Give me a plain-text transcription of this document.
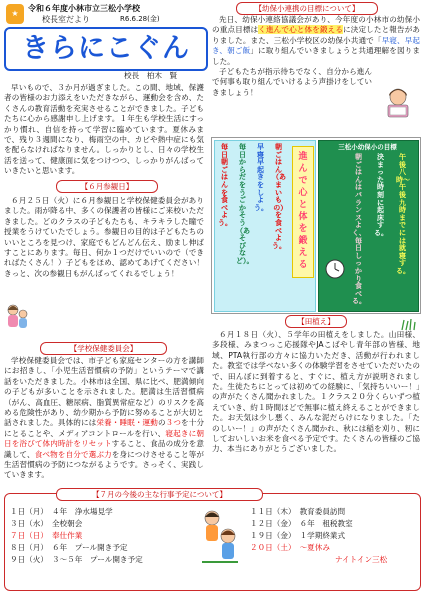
★
令和６年度小林市立三松小学校
校長室だより	R6.6.28(金)
きらにこぐん
校長　柏木　賢

早いもので、３か月が過ぎました。この間、地域、保護者の皆様のお力添えをいただきながら、運動会を含め、たくさんの教育活動を充実させることができました。子どもたちに心から感謝申し上げます。１年生も学校生活にすっかり慣れ、自信を持って学習に臨めています。夏休みまで、残り３週間になり、梅雨空の中、カビや熱中症にも気を配らなければなりません。しっかりとし、日々の学校生活を送って、健康面に気をつけつつ、しっかりがんばっていきたいと思います。

【６月参観日】

６月２５日（火）に６月参観日と学校保健委員会がありました。雨が降る中、多くの保護者の皆様にご来校いただきました。どのクラスの子どもたちも、キラキラした瞳で授業をうけていたでしょう。参観日の目的は子どもたちのいいところを見つけ、家庭でもどんどん伝え、励まし伸ばすことにあります。毎日、何か１つだけでいいので（できればたくさん！）子どもをほめ、認めてあげてください！きっと、次の参観日もがんばってくれるでしょう！

【学校保健委員会】

学校保健委員会では、市子ども家庭センターの方を講師にお招きし、「小児生活習慣病の予防」というテーマで講話をいただきました。小林市は全国、県に比べ、肥満傾向の子どもが多いことを示されました。肥満は生活習慣病（がん、高血圧、糖尿病、脂質異常症など）のリスクを高める危険性があり、幼少期から予防に努めることが大切と話されました。具体的には栄養・睡眠・運動の３つを十分にとることや、メディアコントロールを行い、寝起きに朝日を浴びて体内時計をリセットすること、食品の成分を意識して、食べ物を自分で選ぶ力を身につけさせること等が生活習慣病の予防につながるようです。さっそく、実践していきます。

【幼保小連携の目標について】

先日、幼保小連絡協議会があり、今年度の小林市の幼保小の重点目標はく進んで心と体を鍛えるに決定したと報告がありました。また、三松小学校区の幼保小共通で「早寝、早起き、朝ご飯」に取り組んでいきましょうと共通理解を図りました。

子どもたちが指示待ちでなく、自分から進んで何事も取り組んでいけるよう声掛けをしていきましょう！

三松小幼保小の目標
毎日朝ごはんを食べよう。
毎日からだをうごかそう（あそびなど）。
早寝早起きをしよう。
朝ごはん（あまいもの）を食べよう。
進んで心と体を鍛える
午後八時〜午後九時までには就寝する。
決まった時刻に起床する。
朝ごはんはバランスよく、毎日しっかり食べる。
【田植え】

６月１８日（火）、５学年の田植えをしました。山田様、多段様、みまつっこ応援隊やJAこばやし青年部の皆様、地域、PTA執行部の方々に協力いただき、活動が行われました。教室では学べない多くの体験学習をさせていただいたので、田んぼに到着すると、すぐに、植え方が説明されました。生徒たちにとっては初めての経験に、「気持ちいいー！」の声がたくさん聞かれました。１クラス２０分くらいずつ植えていき、約１時間ほどで無事に植え終えることができました。お天気は少し悪く、みんな泥だらけになりました。「たのしいー！」の声がたくさん聞かれ、秋には稲を刈り、籾にしておいしいお米を食べる予定です。たくさんの皆様のご協力、本当にありがとうございました。

【７月の今後の主な行事予定について】
１日（月） ４年　浄水場見学
３日（水） 全校朝会
７日（日） 奉仕作業
８日（月） ６年　プール開き予定
９日（火） ３〜５年　プール開き予定
１１日（木） 教育委員訪問
１２日（金） ６年　租税教室
１９日（金） １学期終業式
２０日（土） 〜夏休み
ナイトイン三松
